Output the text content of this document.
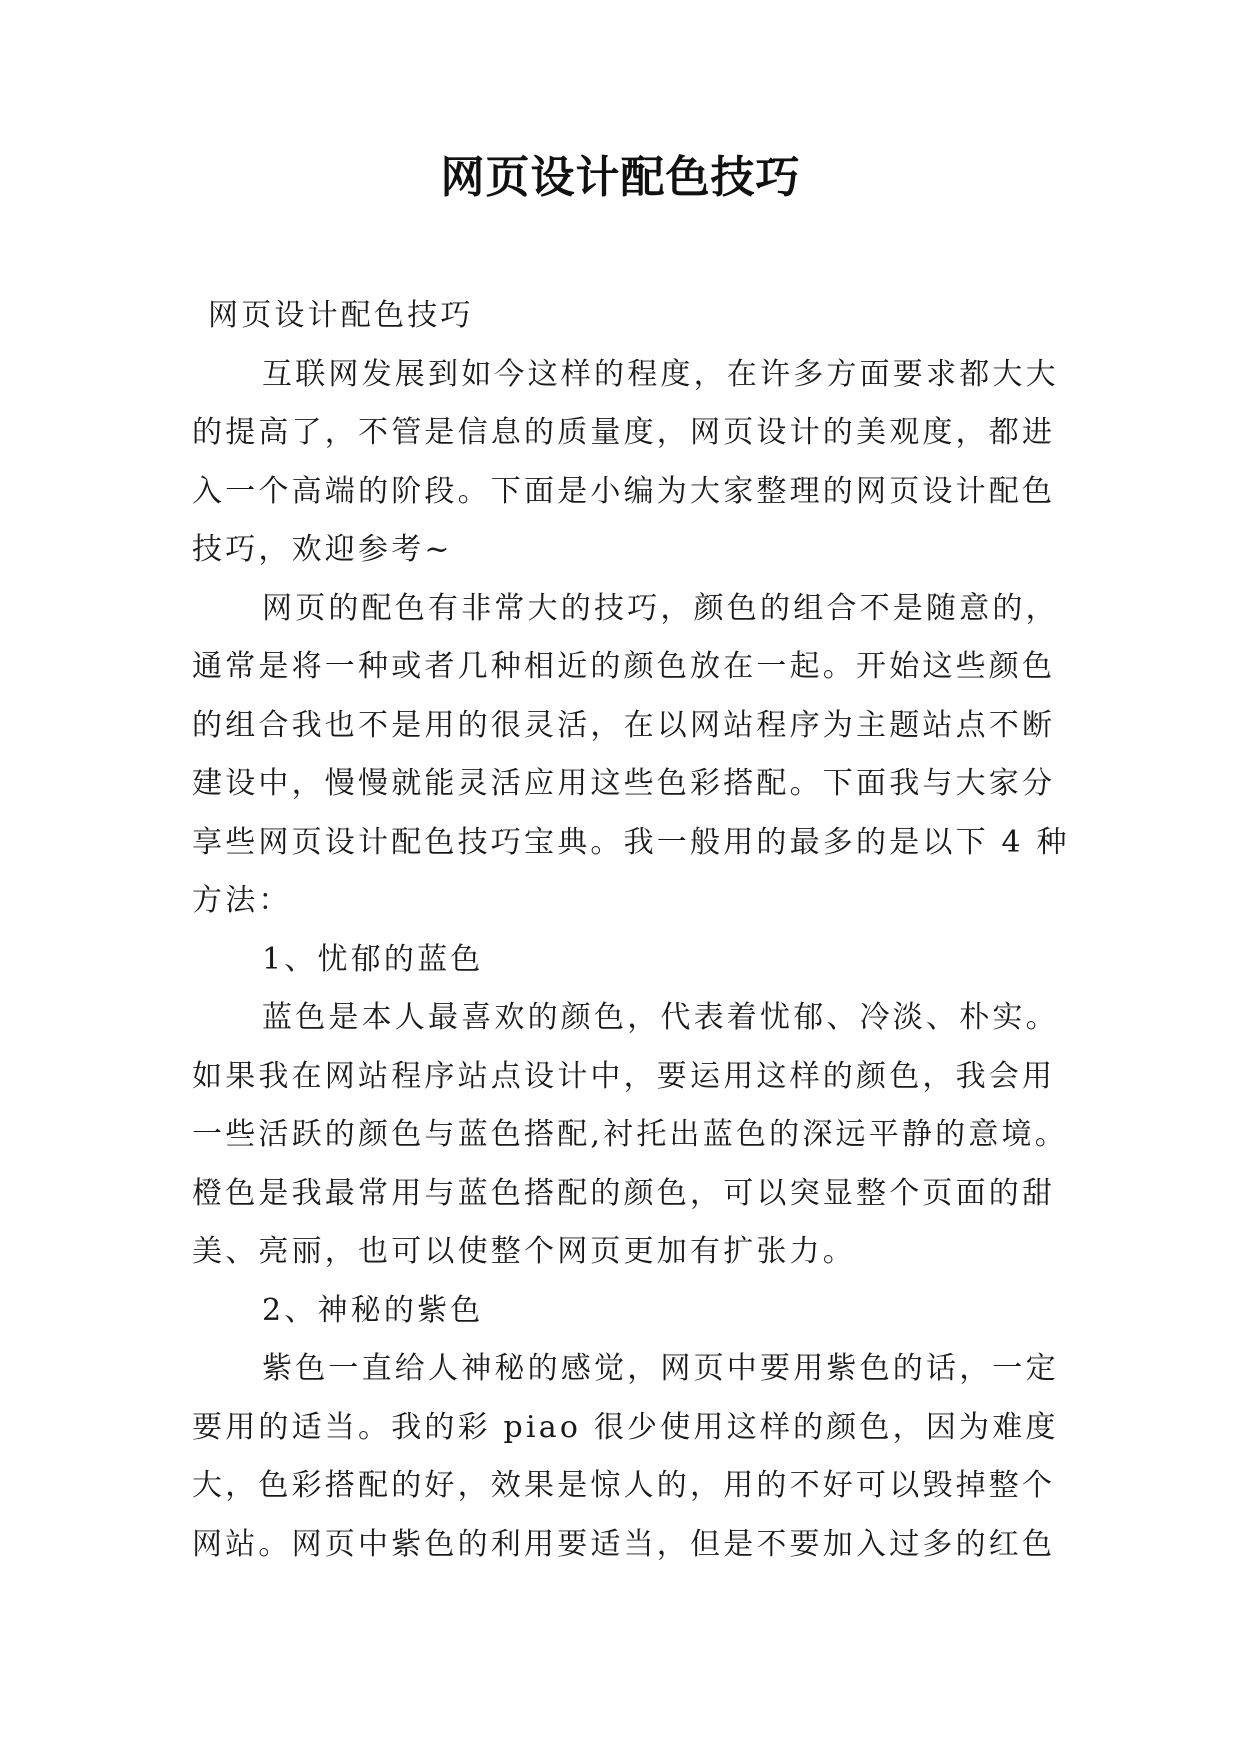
网页设计配色技巧
网页设计配色技巧
互联网发展到如今这样的程度，在许多方面要求都大大
的提高了，不管是信息的质量度，网页设计的美观度，都进
入一个高端的阶段。下面是小编为大家整理的网页设计配色
技巧，欢迎参考~
网页的配色有非常大的技巧，颜色的组合不是随意的，
通常是将一种或者几种相近的颜色放在一起。开始这些颜色
的组合我也不是用的很灵活，在以网站程序为主题站点不断
建设中，慢慢就能灵活应用这些色彩搭配。下面我与大家分
享些网页设计配色技巧宝典。我一般用的最多的是以下 4 种
方法：
1、忧郁的蓝色
蓝色是本人最喜欢的颜色，代表着忧郁、冷淡、朴实。
如果我在网站程序站点设计中，要运用这样的颜色，我会用
一些活跃的颜色与蓝色搭配,衬托出蓝色的深远平静的意境。
橙色是我最常用与蓝色搭配的颜色，可以突显整个页面的甜
美、亮丽，也可以使整个网页更加有扩张力。
2、神秘的紫色
紫色一直给人神秘的感觉，网页中要用紫色的话，一定
要用的适当。我的彩 piao 很少使用这样的颜色，因为难度
大，色彩搭配的好，效果是惊人的，用的不好可以毁掉整个
网站。网页中紫色的利用要适当，但是不要加入过多的红色
